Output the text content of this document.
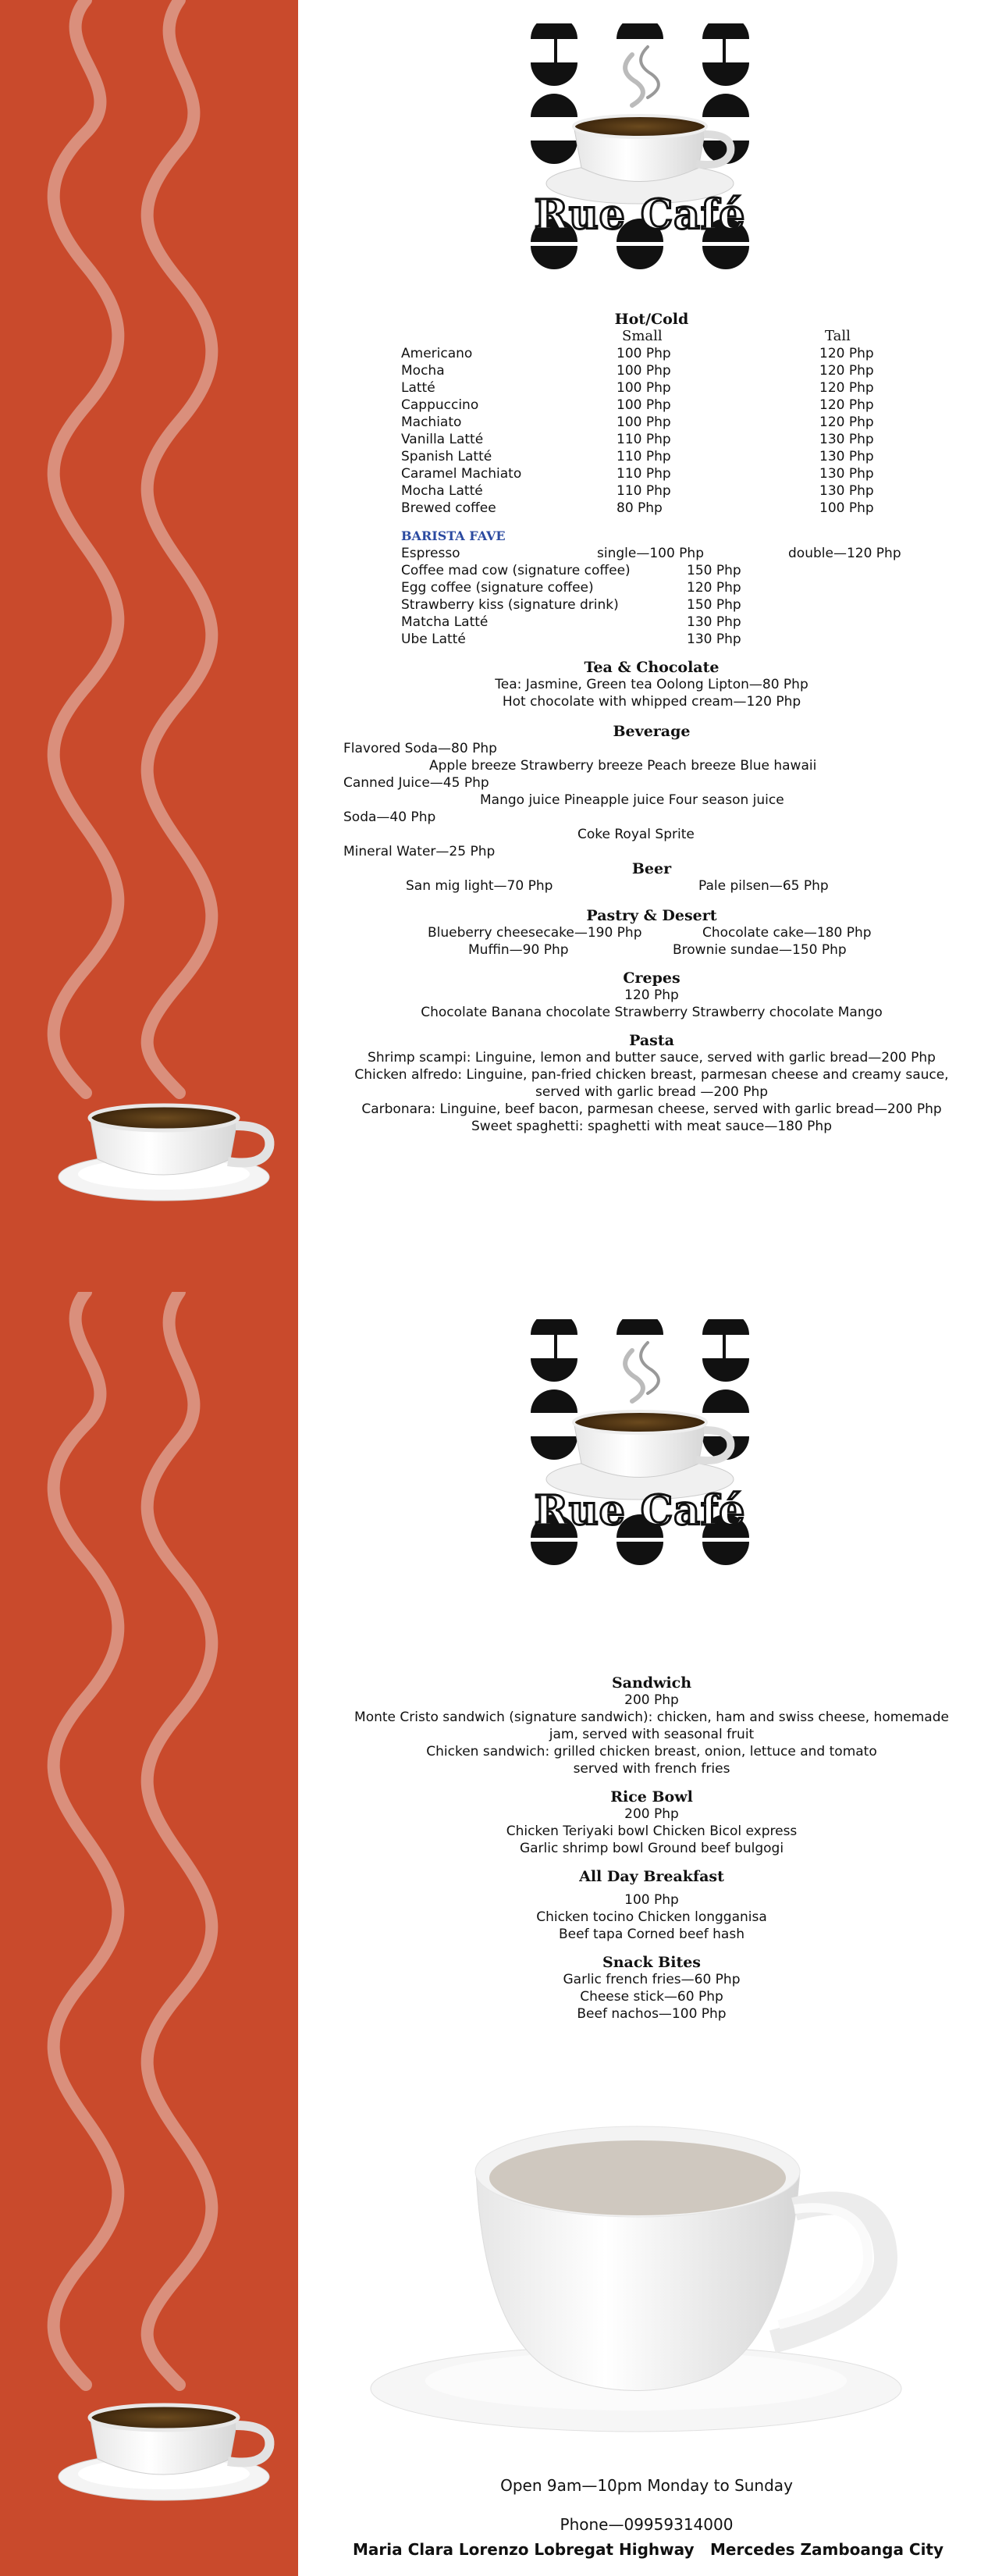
Rue Café
Hot/Cold
Small	Tall
Americano	100 Php	120 Php
Mocha	100 Php	120 Php
Latté	100 Php	120 Php
Cappuccino	100 Php	120 Php
Machiato	100 Php	120 Php
Vanilla Latté	110 Php	130 Php
Spanish Latté	110 Php	130 Php
Caramel Machiato	110 Php	130 Php
Mocha Latté	110 Php	130 Php
Brewed coffee	80 Php	100 Php
BARISTA FAVE
Espresso	single—100 Php	double—120 Php
Coffee mad cow (signature coffee)	150 Php
Egg coffee (signature coffee)	120 Php
Strawberry kiss (signature drink)	150 Php
Matcha Latté	130 Php
Ube Latté	130 Php
Tea & Chocolate
Tea: Jasmine, Green tea Oolong Lipton—80 Php
Hot chocolate with whipped cream—120 Php
Beverage
Flavored Soda—80 Php
Apple breeze Strawberry breeze Peach breeze Blue hawaii
Canned Juice—45 Php
Mango juice Pineapple juice Four season juice
Soda—40 Php
Coke Royal Sprite
Mineral Water—25 Php
Beer
San mig light—70 Php	Pale pilsen—65 Php
Pastry & Desert
Blueberry cheesecake—190 Php	Chocolate cake—180 Php
Muffin—90 Php	Brownie sundae—150 Php
Crepes
120 Php
Chocolate Banana chocolate Strawberry Strawberry chocolate Mango
Pasta
Shrimp scampi: Linguine, lemon and butter sauce, served with garlic bread—200 Php
Chicken alfredo: Linguine, pan-fried chicken breast, parmesan cheese and creamy sauce,
served with garlic bread —200 Php
Carbonara: Linguine, beef bacon, parmesan cheese, served with garlic bread—200 Php
Sweet spaghetti: spaghetti with meat sauce—180 Php
Rue Café
Sandwich
200 Php
Monte Cristo sandwich (signature sandwich): chicken, ham and swiss cheese, homemade
jam, served with seasonal fruit
Chicken sandwich: grilled chicken breast, onion, lettuce and tomato
served with french fries
Rice Bowl
200 Php
Chicken Teriyaki bowl Chicken Bicol express
Garlic shrimp bowl Ground beef bulgogi
All Day Breakfast
100 Php
Chicken tocino Chicken longganisa
Beef tapa Corned beef hash
Snack Bites
Garlic french fries—60 Php
Cheese stick—60 Php
Beef nachos—100 Php
Open 9am—10pm Monday to Sunday
Phone—09959314000
Maria Clara Lorenzo Lobregat Highway Mercedes Zamboanga City
